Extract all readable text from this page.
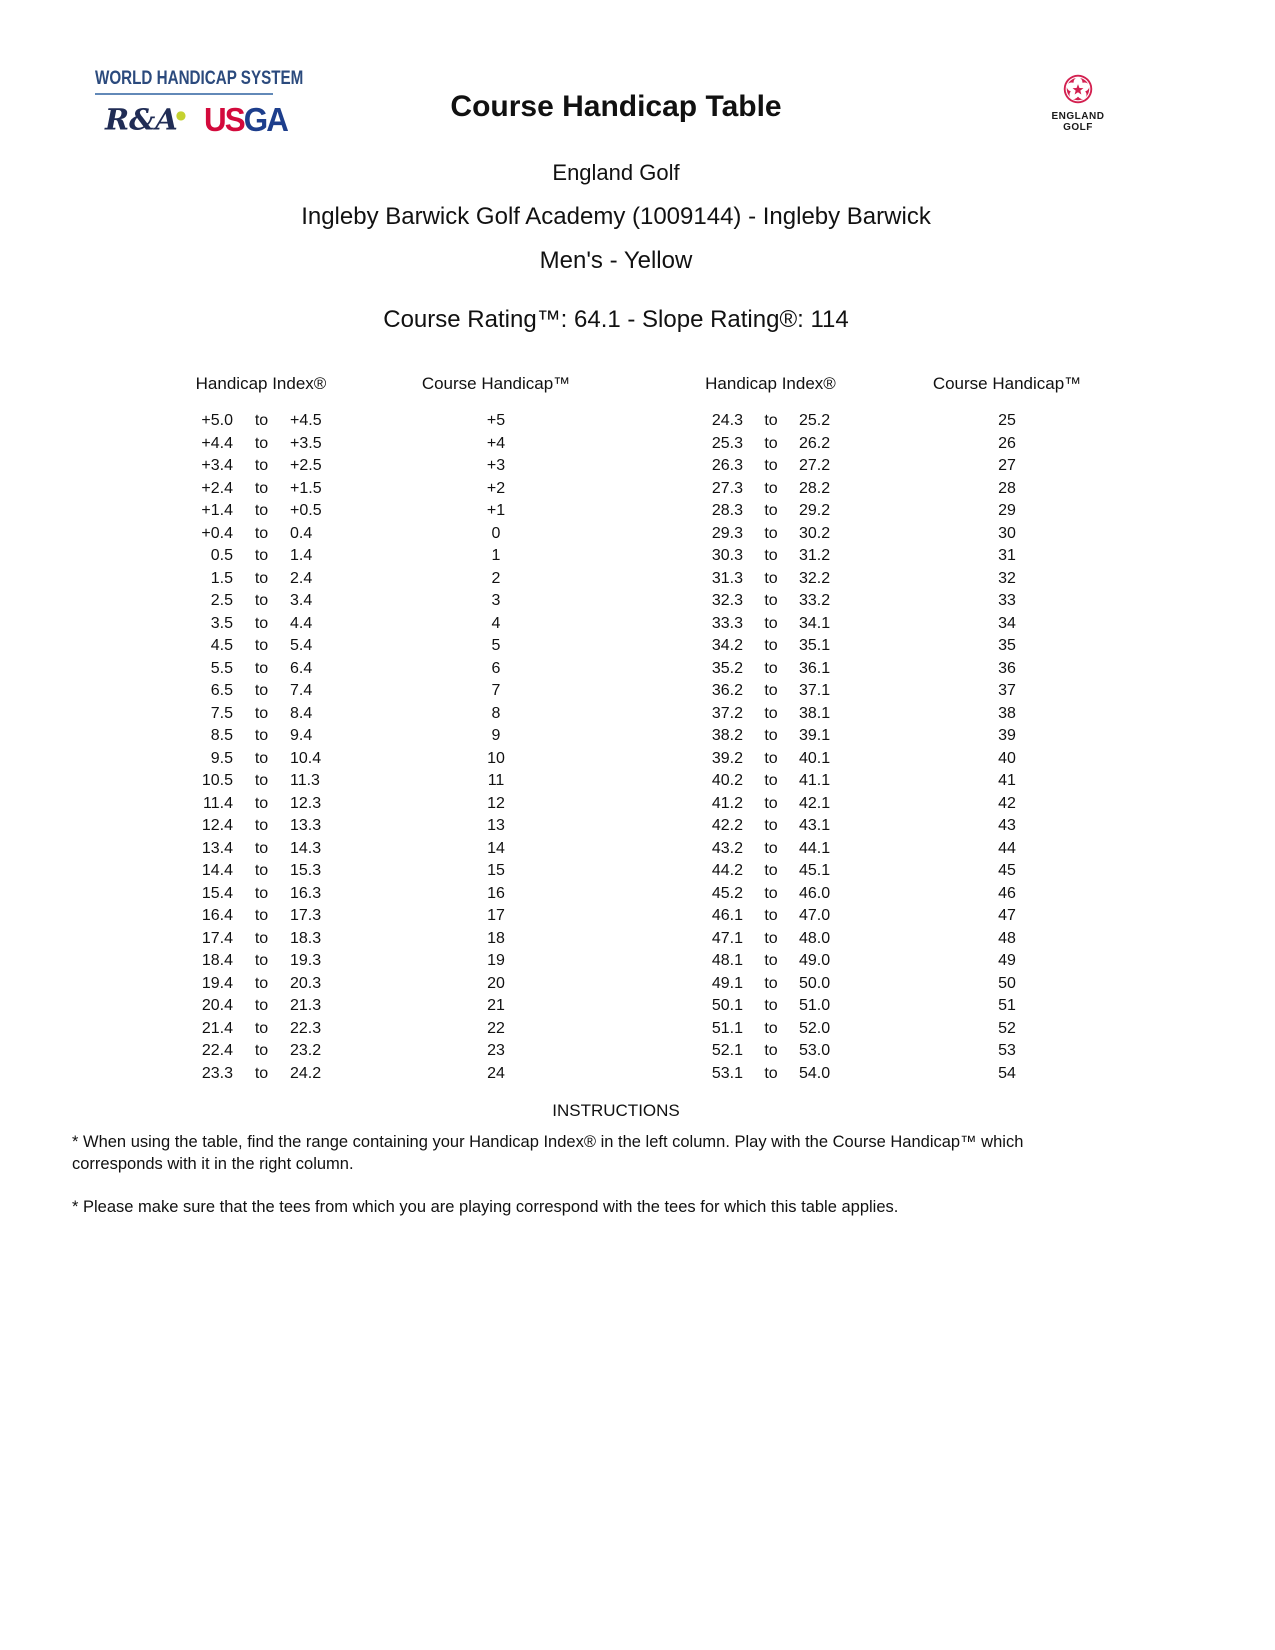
WORLD HANDICAP SYSTEM
R&A● USGA	Course Handicap Table	ENGLAND
GOLF
England Golf
Ingleby Barwick Golf Academy (1009144) - Ingleby Barwick
Men's - Yellow
Course Rating™: 64.1 - Slope Rating®: 114
Handicap Index®	Course Handicap™
+5.0	to	+4.5	+5
+4.4	to	+3.5	+4
+3.4	to	+2.5	+3
+2.4	to	+1.5	+2
+1.4	to	+0.5	+1
+0.4	to	0.4	0
0.5	to	1.4	1
1.5	to	2.4	2
2.5	to	3.4	3
3.5	to	4.4	4
4.5	to	5.4	5
5.5	to	6.4	6
6.5	to	7.4	7
7.5	to	8.4	8
8.5	to	9.4	9
9.5	to	10.4	10
10.5	to	11.3	11
11.4	to	12.3	12
12.4	to	13.3	13
13.4	to	14.3	14
14.4	to	15.3	15
15.4	to	16.3	16
16.4	to	17.3	17
17.4	to	18.3	18
18.4	to	19.3	19
19.4	to	20.3	20
20.4	to	21.3	21
21.4	to	22.3	22
22.4	to	23.2	23
23.3	to	24.2	24
Handicap Index®	Course Handicap™
24.3	to	25.2	25
25.3	to	26.2	26
26.3	to	27.2	27
27.3	to	28.2	28
28.3	to	29.2	29
29.3	to	30.2	30
30.3	to	31.2	31
31.3	to	32.2	32
32.3	to	33.2	33
33.3	to	34.1	34
34.2	to	35.1	35
35.2	to	36.1	36
36.2	to	37.1	37
37.2	to	38.1	38
38.2	to	39.1	39
39.2	to	40.1	40
40.2	to	41.1	41
41.2	to	42.1	42
42.2	to	43.1	43
43.2	to	44.1	44
44.2	to	45.1	45
45.2	to	46.0	46
46.1	to	47.0	47
47.1	to	48.0	48
48.1	to	49.0	49
49.1	to	50.0	50
50.1	to	51.0	51
51.1	to	52.0	52
52.1	to	53.0	53
53.1	to	54.0	54
INSTRUCTIONS
* When using the table, find the range containing your Handicap Index® in the left column. Play with the Course Handicap™ which corresponds with it in the right column.
* Please make sure that the tees from which you are playing correspond with the tees for which this table applies.
